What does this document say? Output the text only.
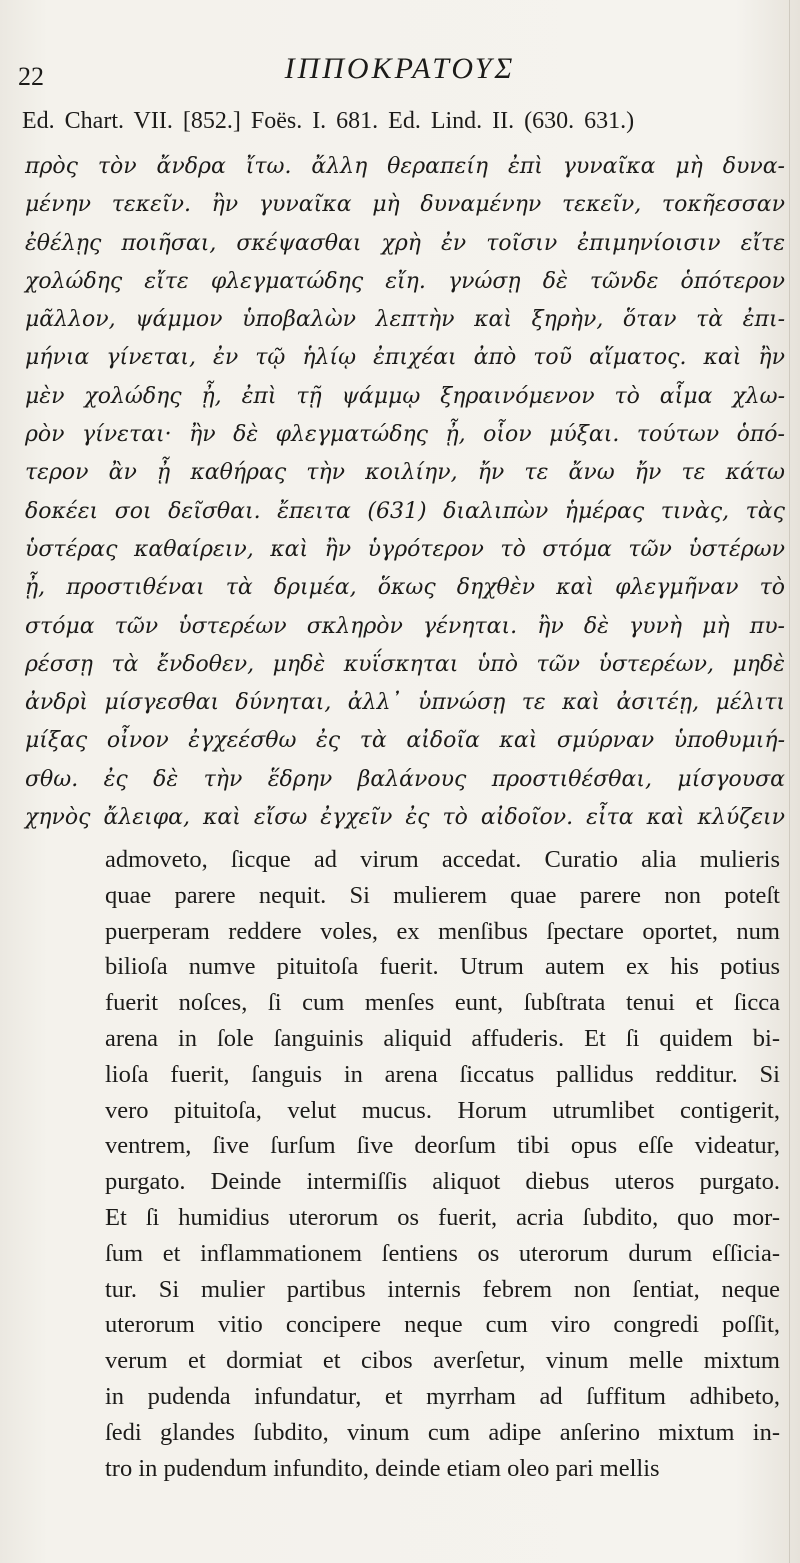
22	ΙΠΠΟΚΡΑΤΟΥΣ
Ed. Chart. VII. [852.] Foës. I. 681. Ed. Lind. II. (630. 631.)
πρὸς τὸν ἄνδρα ἴτω. ἄλλη θεραπείη ἐπὶ γυναῖκα μὴ δυνα-
μένην τεκεῖν. ἢν γυναῖκα μὴ δυναμένην τεκεῖν, τοκῆεσσαν
ἐθέλῃς ποιῆσαι, σκέψασθαι χρὴ ἐν τοῖσιν ἐπιμηνίοισιν εἴτε
χολώδης εἴτε φλεγματώδης εἴη. γνώσῃ δὲ τῶνδε ὁπότερον
μᾶλλον, ψάμμον ὑποβαλὼν λεπτὴν καὶ ξηρὴν, ὅταν τὰ ἐπι-
μήνια γίνεται, ἐν τῷ ἡλίῳ ἐπιχέαι ἀπὸ τοῦ αἵματος. καὶ ἢν
μὲν χολώδης ᾖ, ἐπὶ τῇ ψάμμῳ ξηραινόμενον τὸ αἷμα χλω-
ρὸν γίνεται· ἢν δὲ φλεγματώδης ᾖ, οἷον μύξαι. τούτων ὁπό-
τερον ἂν ᾖ καθήρας τὴν κοιλίην, ἤν τε ἄνω ἤν τε κάτω
δοκέει σοι δεῖσθαι. ἔπειτα (631) διαλιπὼν ἡμέρας τινὰς, τὰς
ὑστέρας καθαίρειν, καὶ ἢν ὑγρότερον τὸ στόμα τῶν ὑστέρων
ᾖ, προστιθέναι τὰ δριμέα, ὅκως δηχθὲν καὶ φλεγμῆναν τὸ
στόμα τῶν ὑστερέων σκληρὸν γένηται. ἢν δὲ γυνὴ μὴ πυ-
ρέσσῃ τὰ ἔνδοθεν, μηδὲ κυΐσκηται ὑπὸ τῶν ὑστερέων, μηδὲ
ἀνδρὶ μίσγεσθαι δύνηται, ἀλλ᾽ ὑπνώσῃ τε καὶ ἀσιτέῃ, μέλιτι
μίξας οἶνον ἐγχεέσθω ἐς τὰ αἰδοῖα καὶ σμύρναν ὑποθυμιή-
σθω. ἐς δὲ τὴν ἕδρην βαλάνους προστιθέσθαι, μίσγουσα
χηνὸς ἄλειφα, καὶ εἴσω ἐγχεῖν ἐς τὸ αἰδοῖον. εἶτα καὶ κλύζειν
admoveto, ſicque ad virum accedat. Curatio alia mulieris
quae parere nequit. Si mulierem quae parere non poteſt
puerperam reddere voles, ex menſibus ſpectare oportet, num
bilioſa numve pituitoſa fuerit. Utrum autem ex his potius
fuerit noſces, ſi cum menſes eunt, ſubſtrata tenui et ſicca
arena in ſole ſanguinis aliquid affuderis. Et ſi quidem bi-
lioſa fuerit, ſanguis in arena ſiccatus pallidus redditur. Si
vero pituitoſa, velut mucus. Horum utrumlibet contigerit,
ventrem, ſive ſurſum ſive deorſum tibi opus eſſe videatur,
purgato. Deinde intermiſſis aliquot diebus uteros purgato.
Et ſi humidius uterorum os fuerit, acria ſubdito, quo mor-
ſum et inflammationem ſentiens os uterorum durum eſſicia-
tur. Si mulier partibus internis febrem non ſentiat, neque
uterorum vitio concipere neque cum viro congredi poſſit,
verum et dormiat et cibos averſetur, vinum melle mixtum
in pudenda infundatur, et myrrham ad ſuffitum adhibeto,
ſedi glandes ſubdito, vinum cum adipe anſerino mixtum in-
tro in pudendum infundito, deinde etiam oleo pari mellis
